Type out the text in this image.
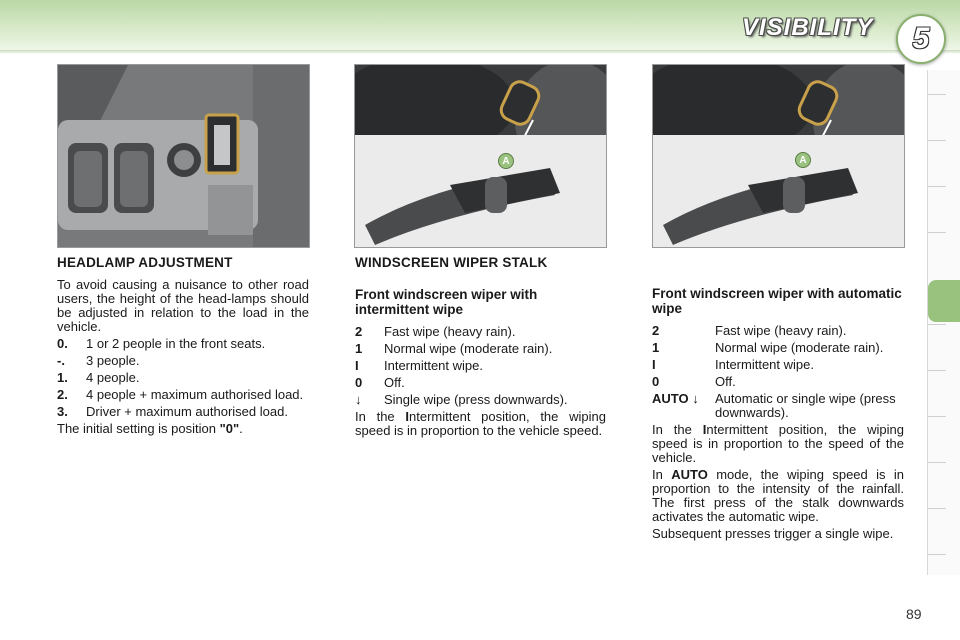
VISIBILITY 5
A	A
HEADLAMP ADJUSTMENT
To avoid causing a nuisance to other road users, the height of the head-lamps should be adjusted in relation to the load in the vehicle.
0.	1 or 2 people in the front seats.
-.	3 people.
1.	4 people.
2.	4 people + maximum authorised load.
3.	Driver + maximum authorised load.
The initial setting is position "0".
WINDSCREEN WIPER STALK
Front windscreen wiper with intermittent wipe
2	Fast wipe (heavy rain).
1	Normal wipe (moderate rain).
I	Intermittent wipe.
0	Off.
↓	Single wipe (press downwards).
In the Intermittent position, the wiping speed is in proportion to the vehicle speed.
Front windscreen wiper with automatic wipe
2	Fast wipe (heavy rain).
1	Normal wipe (moderate rain).
I	Intermittent wipe.
0	Off.
AUTO ↓	Automatic or single wipe (press downwards).
In the Intermittent position, the wiping speed is in proportion to the speed of the vehicle.
In AUTO mode, the wiping speed is in proportion to the intensity of the rainfall. The first press of the stalk downwards activates the automatic wipe.
Subsequent presses trigger a single wipe.
89
